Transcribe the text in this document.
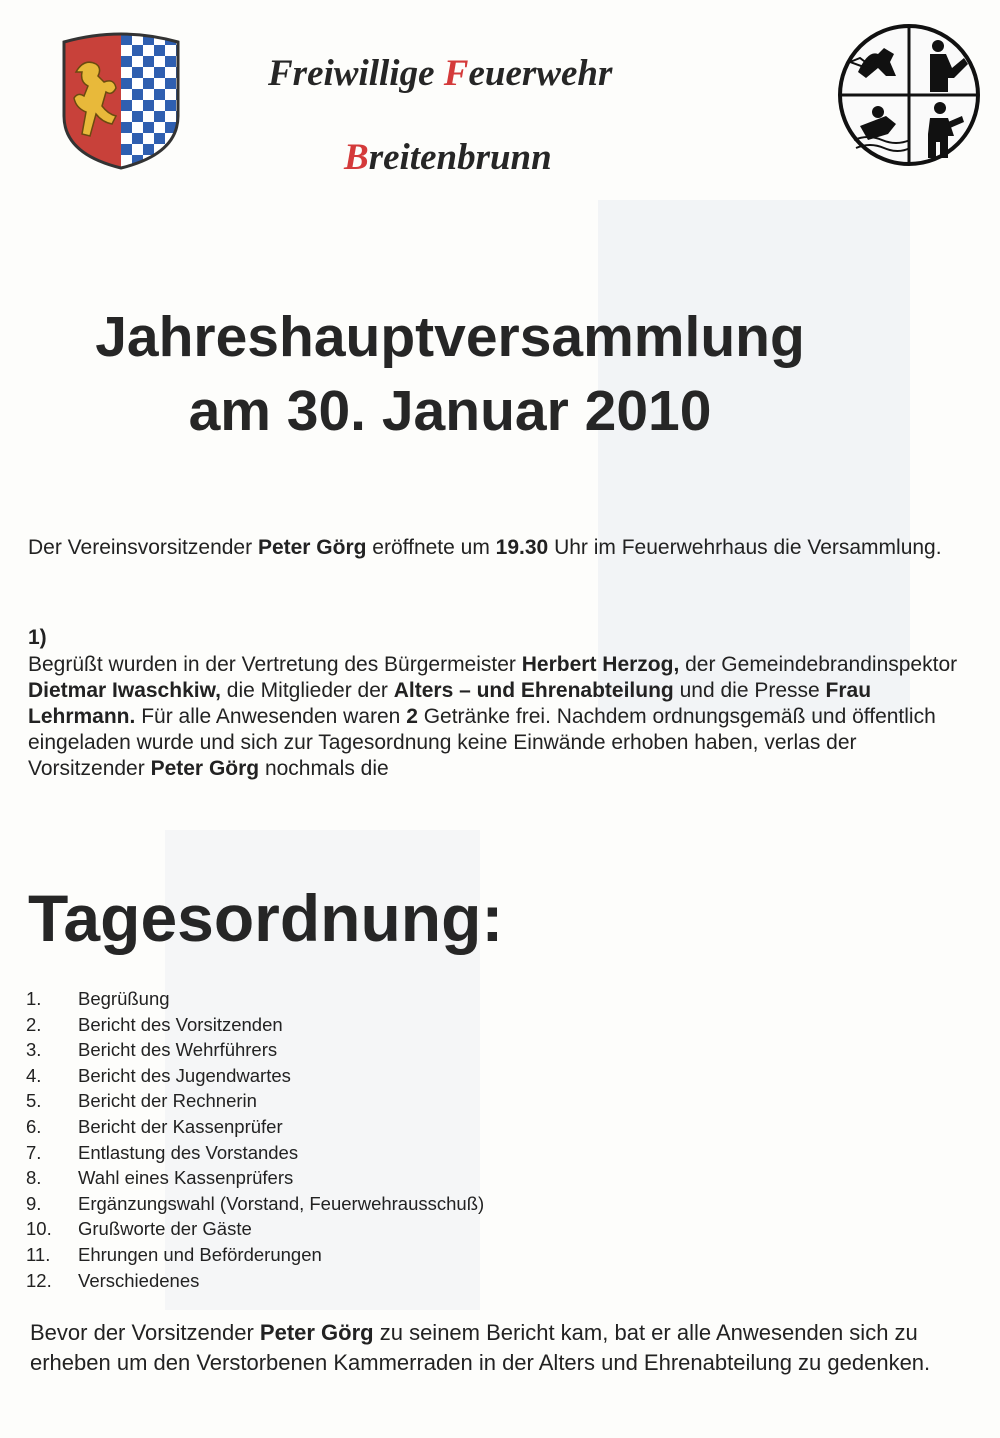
Freiwillige Feuerwehr

Breitenbrunn

Jahreshauptversammlung
am 30. Januar 2010

Der Vereinsvorsitzender Peter Görg eröffnete um 19.30 Uhr im Feuerwehrhaus die Versammlung.

1)

Begrüßt wurden in der Vertretung des Bürgermeister Herbert Herzog, der Gemeindebrandinspektor Dietmar Iwaschkiw, die Mitglieder der Alters – und Ehrenabteilung und die Presse Frau Lehrmann. Für alle Anwesenden waren 2 Getränke frei. Nachdem ordnungsgemäß und öffentlich eingeladen wurde und sich zur Tagesordnung keine Einwände erhoben haben, verlas der Vorsitzender Peter Görg nochmals die

Tagesordnung:
1.	Begrüßung
2.	Bericht des Vorsitzenden
3.	Bericht des Wehrführers
4.	Bericht des Jugendwartes
5.	Bericht der Rechnerin
6.	Bericht der Kassenprüfer
7.	Entlastung des Vorstandes
8.	Wahl eines Kassenprüfers
9.	Ergänzungswahl (Vorstand, Feuerwehrausschuß)
10.	Grußworte der Gäste
11.	Ehrungen und Beförderungen
12.	Verschiedenes

Bevor der Vorsitzender Peter Görg zu seinem Bericht kam, bat er alle Anwesenden sich zu erheben um den Verstorbenen Kammerraden in der Alters und Ehrenabteilung zu gedenken.
